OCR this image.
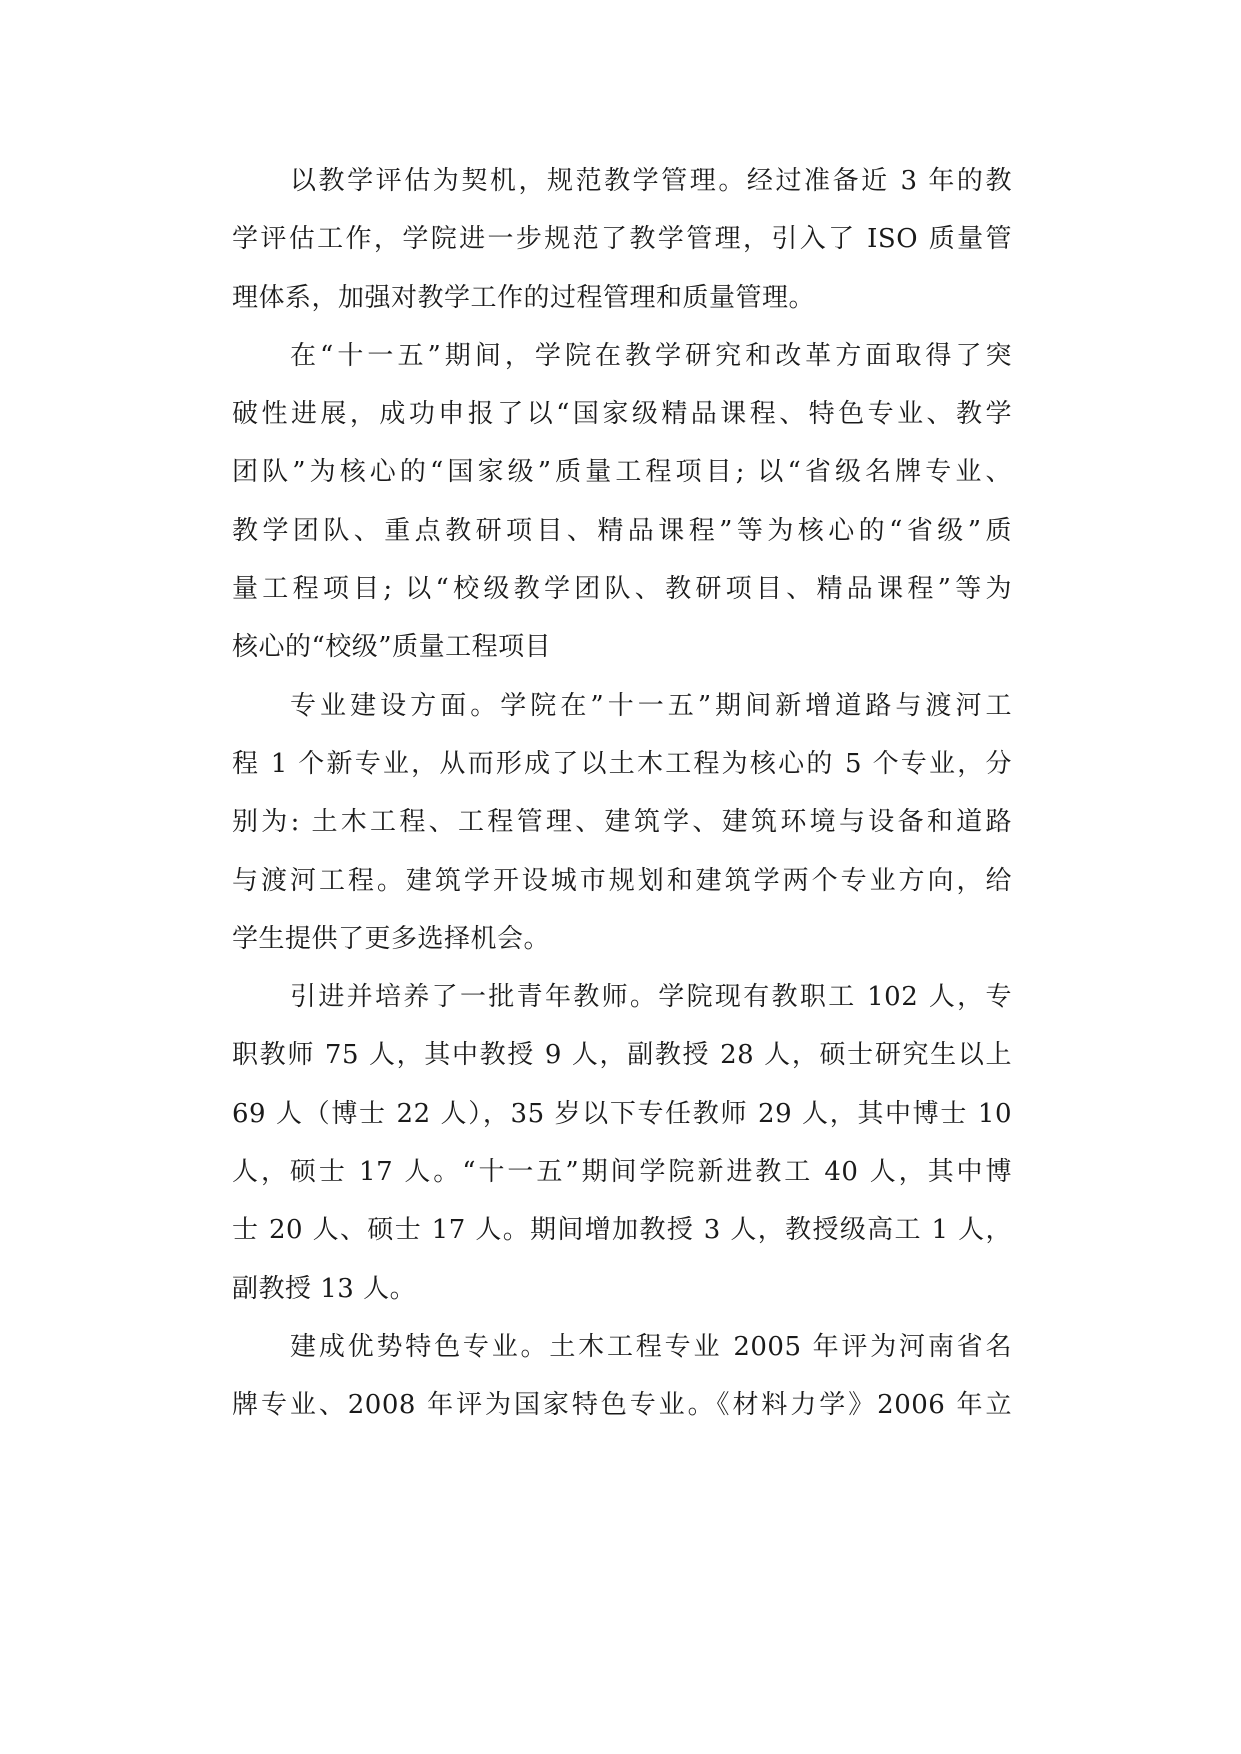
以教学评估为契机，规范教学管理。经过准备近 3 年的教
学评估工作，学院进一步规范了教学管理，引入了 ISO 质量管
理体系，加强对教学工作的过程管理和质量管理。

在“十一五”期间，学院在教学研究和改革方面取得了突
破性进展，成功申报了以“国家级精品课程、特色专业、教学
团队”为核心的“国家级”质量工程项目; 以“省级名牌专业、
教学团队、重点教研项目、精品课程”等为核心的“省级”质
量工程项目; 以“校级教学团队、教研项目、精品课程”等为
核心的“校级”质量工程项目

专业建设方面。学院在”十一五”期间新增道路与渡河工
程 1 个新专业，从而形成了以土木工程为核心的 5 个专业，分
别为: 土木工程、工程管理、建筑学、建筑环境与设备和道路
与渡河工程。建筑学开设城市规划和建筑学两个专业方向，给
学生提供了更多选择机会。

引进并培养了一批青年教师。学院现有教职工 102 人，专
职教师 75 人，其中教授 9 人，副教授 28 人，硕士研究生以上
69 人（博士 22 人），35 岁以下专任教师 29 人，其中博士 10
人，硕士 17 人。“十一五”期间学院新进教工 40 人，其中博
士 20 人、硕士 17 人。期间增加教授 3 人，教授级高工 1 人，
副教授 13 人。

建成优势特色专业。土木工程专业 2005 年评为河南省名
牌专业、2008 年评为国家特色专业。《材料力学》2006 年立
